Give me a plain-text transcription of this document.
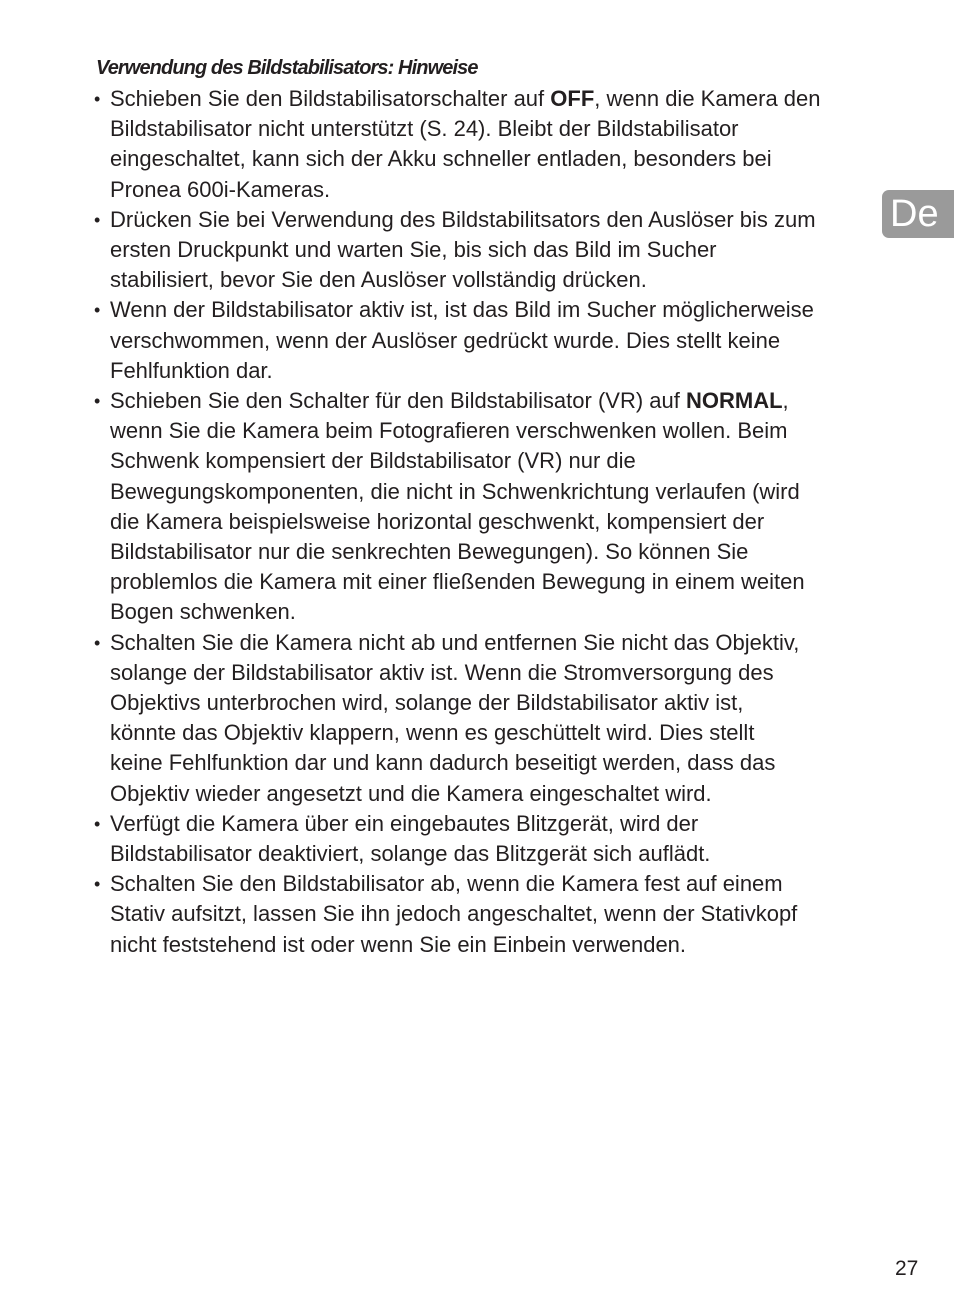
Verwendung des Bildstabilisators: Hinweise
• Schieben Sie den Bildstabilisatorschalter auf OFF, wenn die Kamera den
Bildstabilisator nicht unterstützt (S. 24). Bleibt der Bildstabilisator
eingeschaltet, kann sich der Akku schneller entladen, besonders bei
Pronea 600i-Kameras.
• Drücken Sie bei Verwendung des Bildstabilitsators den Auslöser bis zum
ersten Druckpunkt und warten Sie, bis sich das Bild im Sucher
stabilisiert, bevor Sie den Auslöser vollständig drücken.
• Wenn der Bildstabilisator aktiv ist, ist das Bild im Sucher möglicherweise
verschwommen, wenn der Auslöser gedrückt wurde. Dies stellt keine
Fehlfunktion dar.
• Schieben Sie den Schalter für den Bildstabilisator (VR) auf NORMAL,
wenn Sie die Kamera beim Fotografieren verschwenken wollen. Beim
Schwenk kompensiert der Bildstabilisator (VR) nur die
Bewegungskomponenten, die nicht in Schwenkrichtung verlaufen (wird
die Kamera beispielsweise horizontal geschwenkt, kompensiert der
Bildstabilisator nur die senkrechten Bewegungen). So können Sie
problemlos die Kamera mit einer fließenden Bewegung in einem weiten
Bogen schwenken.
• Schalten Sie die Kamera nicht ab und entfernen Sie nicht das Objektiv,
solange der Bildstabilisator aktiv ist. Wenn die Stromversorgung des
Objektivs unterbrochen wird, solange der Bildstabilisator aktiv ist,
könnte das Objektiv klappern, wenn es geschüttelt wird. Dies stellt
keine Fehlfunktion dar und kann dadurch beseitigt werden, dass das
Objektiv wieder angesetzt und die Kamera eingeschaltet wird.
• Verfügt die Kamera über ein eingebautes Blitzgerät, wird der
Bildstabilisator deaktiviert, solange das Blitzgerät sich auflädt.
• Schalten Sie den Bildstabilisator ab, wenn die Kamera fest auf einem
Stativ aufsitzt, lassen Sie ihn jedoch angeschaltet, wenn der Stativkopf
nicht feststehend ist oder wenn Sie ein Einbein verwenden.
De
27
